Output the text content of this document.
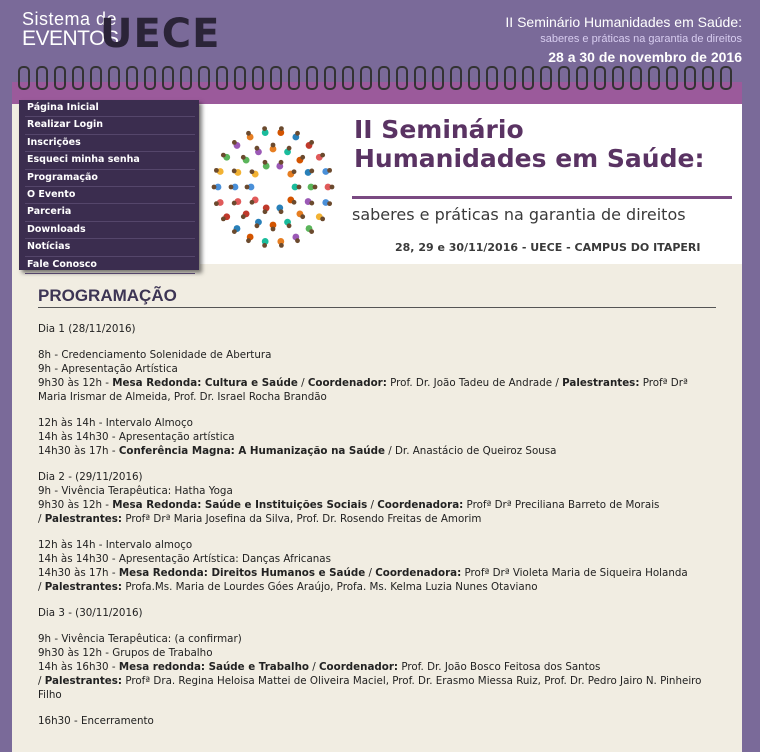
Sistema de
EVENTOS
UECE	II Seminário Humanidades em Saúde:
saberes e práticas na garantia de direitos
28 a 30 de novembro de 2016
II Seminário
Humanidades em Saúde:
saberes e práticas na garantia de direitos
28, 29 e 30/11/2016 - UECE - CAMPUS DO ITAPERI
Página Inicial
Realizar Login
Inscrições
Esqueci minha senha
Programação
O Evento
Parceria
Downloads
Notícias
Fale Conosco
PROGRAMAÇÃO

Dia 1 (28/11/2016)

8h - Credenciamento Solenidade de Abertura

9h - Apresentação Artística

9h30 às 12h - Mesa Redonda: Cultura e Saúde / Coordenador: Prof. Dr. João Tadeu de Andrade / Palestrantes: Profª Drª Maria Irismar de Almeida, Prof. Dr. Israel Rocha Brandão

12h às 14h - Intervalo Almoço

14h às 14h30 - Apresentação artística

14h30 às 17h - Conferência Magna: A Humanização na Saúde / Dr. Anastácio de Queiroz Sousa

Dia 2 - (29/11/2016)

9h - Vivência Terapêutica: Hatha Yoga

9h30 às 12h - Mesa Redonda: Saúde e Instituições Sociais / Coordenadora: Profª Drª Preciliana Barreto de Morais

/ Palestrantes: Profª Drª Maria Josefina da Silva, Prof. Dr. Rosendo Freitas de Amorim

12h às 14h - Intervalo almoço

14h às 14h30 - Apresentação Artística: Danças Africanas

14h30 às 17h - Mesa Redonda: Direitos Humanos e Saúde / Coordenadora: Profª Drª Violeta Maria de Siqueira Holanda

/ Palestrantes: Profa.Ms. Maria de Lourdes Góes Araújo, Profa. Ms. Kelma Luzia Nunes Otaviano

Dia 3 - (30/11/2016)

9h - Vivência Terapêutica: (a confirmar)

9h30 às 12h - Grupos de Trabalho

14h às 16h30 - Mesa redonda: Saúde e Trabalho / Coordenador: Prof. Dr. João Bosco Feitosa dos Santos

/ Palestrantes: Profª Dra. Regina Heloisa Mattei de Oliveira Maciel, Prof. Dr. Erasmo Miessa Ruiz, Prof. Dr. Pedro Jairo N. Pinheiro Filho

16h30 - Encerramento
